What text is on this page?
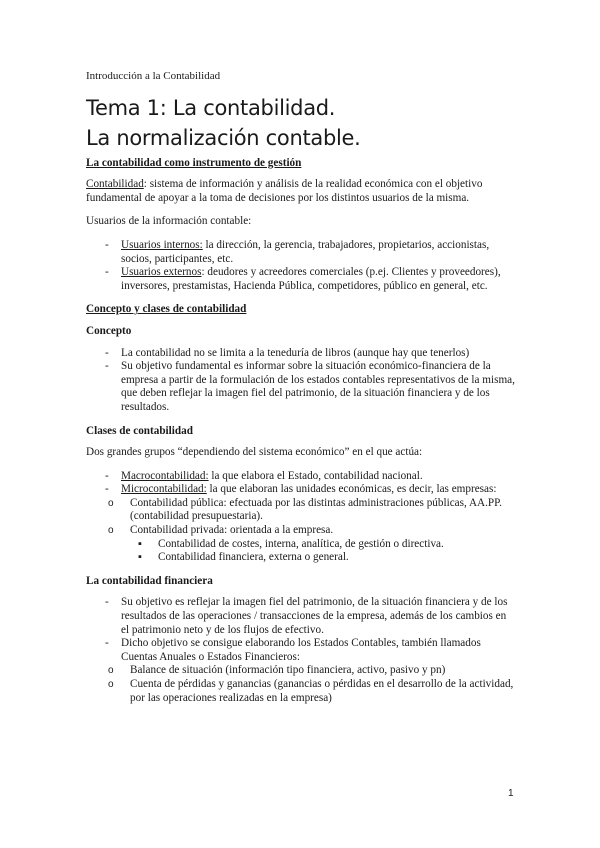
Introducción a la Contabilidad
Tema 1: La contabilidad.
La normalización contable.
La contabilidad como instrumento de gestión

Contabilidad: sistema de información y análisis de la realidad económica con el objetivo fundamental de apoyar a la toma de decisiones por los distintos usuarios de la misma.

Usuarios de la información contable:

- Usuarios internos: la dirección, la gerencia, trabajadores, propietarios, accionistas, socios, participantes, etc.
- Usuarios externos: deudores y acreedores comerciales (p.ej. Clientes y proveedores), inversores, prestamistas, Hacienda Pública, competidores, público en general, etc.
Concepto y clases de contabilidad
Concepto
- La contabilidad no se limita a la teneduría de libros (aunque hay que tenerlos)
- Su objetivo fundamental es informar sobre la situación económico-financiera de la empresa a partir de la formulación de los estados contables representativos de la misma, que deben reflejar la imagen fiel del patrimonio, de la situación financiera y de los resultados.
Clases de contabilidad

Dos grandes grupos “dependiendo del sistema económico” en el que actúa:

- Macrocontabilidad: la que elabora el Estado, contabilidad nacional.
- Microcontabilidad: la que elaboran las unidades económicas, es decir, las empresas:
o Contabilidad pública: efectuada por las distintas administraciones públicas, AA.PP. (contabilidad presupuestaria).
o Contabilidad privada: orientada a la empresa.
▪ Contabilidad de costes, interna, analítica, de gestión o directiva.
▪ Contabilidad financiera, externa o general.
La contabilidad financiera
- Su objetivo es reflejar la imagen fiel del patrimonio, de la situación financiera y de los resultados de las operaciones / transacciones de la empresa, además de los cambios en el patrimonio neto y de los flujos de efectivo.
- Dicho objetivo se consigue elaborando los Estados Contables, también llamados Cuentas Anuales o Estados Financieros:
o Balance de situación (información tipo financiera, activo, pasivo y pn)
o Cuenta de pérdidas y ganancias (ganancias o pérdidas en el desarrollo de la actividad, por las operaciones realizadas en la empresa)
1
